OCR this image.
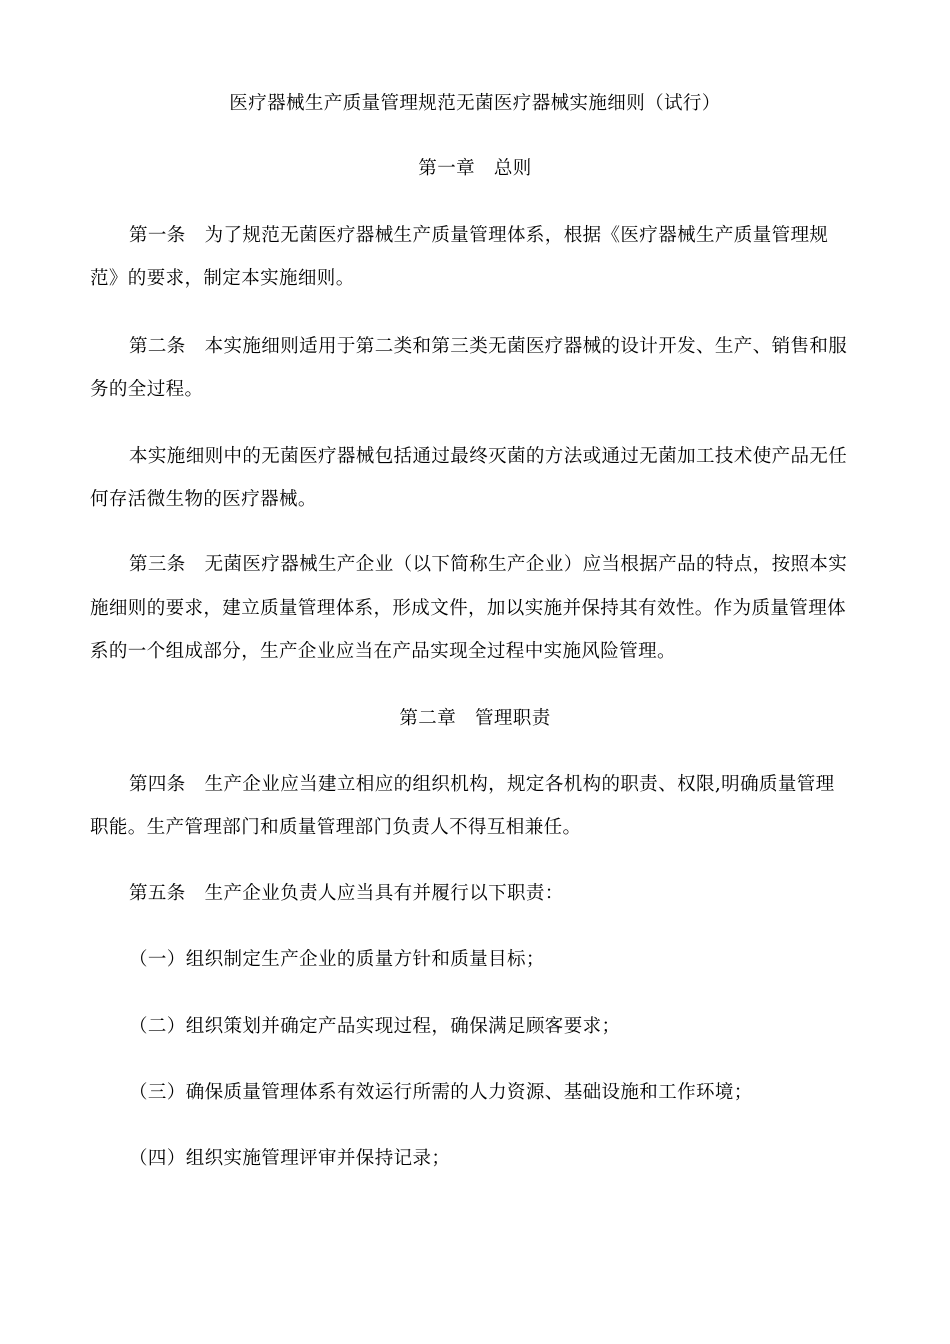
医疗器械生产质量管理规范无菌医疗器械实施细则（试行）
第一章　总则
第一条　为了规范无菌医疗器械生产质量管理体系，根据《医疗器械生产质量管理规
范》的要求，制定本实施细则。
第二条　本实施细则适用于第二类和第三类无菌医疗器械的设计开发、生产、销售和服
务的全过程。
本实施细则中的无菌医疗器械包括通过最终灭菌的方法或通过无菌加工技术使产品无任
何存活微生物的医疗器械。
第三条　无菌医疗器械生产企业（以下简称生产企业）应当根据产品的特点，按照本实
施细则的要求，建立质量管理体系，形成文件，加以实施并保持其有效性。作为质量管理体
系的一个组成部分，生产企业应当在产品实现全过程中实施风险管理。
第二章　管理职责
第四条　生产企业应当建立相应的组织机构，规定各机构的职责、权限,明确质量管理
职能。生产管理部门和质量管理部门负责人不得互相兼任。
第五条　生产企业负责人应当具有并履行以下职责：
（一）组织制定生产企业的质量方针和质量目标；
（二）组织策划并确定产品实现过程，确保满足顾客要求；
（三）确保质量管理体系有效运行所需的人力资源、基础设施和工作环境；
（四）组织实施管理评审并保持记录；
